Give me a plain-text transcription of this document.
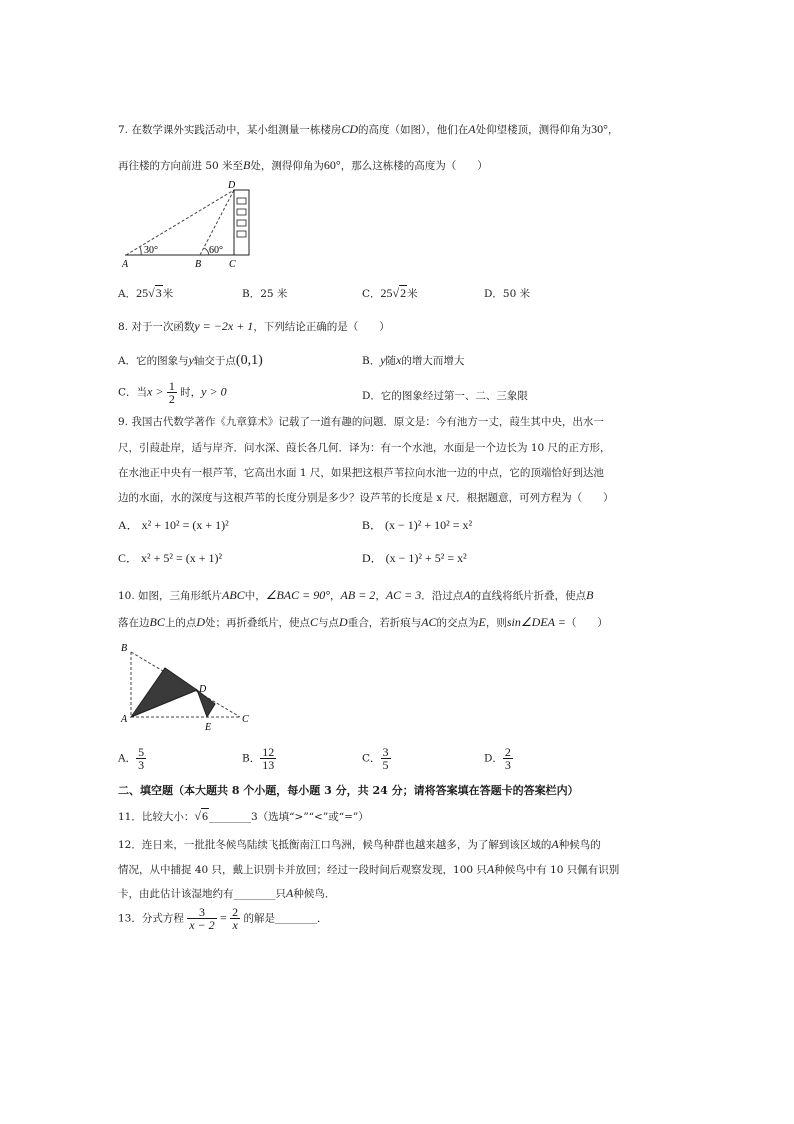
7. 在数学课外实践活动中，某小组测量一栋楼房CD的高度（如图），他们在A处仰望楼顶，测得仰角为30°，
再往楼的方向前进 50 米至B处，测得仰角为60°，那么这栋楼的高度为（　　）
D
A	B	C
30°	60°
A．25√3米	B．25 米	C．25√2米	D．50 米
8. 对于一次函数y = −2x + 1，下列结论正确的是（　　）
A．它的图象与y轴交于点(0,1)	B．y随x的增大而增大
C．当$x > \frac{1}{2}$ 时，y > 0	D．它的图象经过第一、二、三象限
9. 我国古代数学著作《九章算术》记载了一道有趣的问题．原文是：今有池方一丈，葭生其中央，出水一
尺，引葭赴岸，适与岸齐．问水深、葭长各几何．译为：有一个水池，水面是一个边长为 10 尺的正方形，
在水池正中央有一根芦苇，它高出水面 1 尺，如果把这根芦苇拉向水池一边的中点，它的顶端恰好到达池
边的水面，水的深度与这根芦苇的长度分别是多少？设芦苇的长度是 x 尺．根据题意，可列方程为（　　）
A． x² + 10² = (x + 1)²	B． (x − 1)² + 10² = x²
C． x² + 5² = (x + 1)²	D． (x − 1)² + 5² = x²
10. 如图，三角形纸片ABC中，∠BAC = 90°，AB = 2，AC = 3．沿过点A的直线将纸片折叠，使点B
落在边BC上的点D处；再折叠纸片，使点C与点D重合，若折痕与AC的交点为E，则sin∠DEA =（　　）
B
D
A
E
C
A． $\frac{5}{3}$	B． $\frac{12}{13}$	C． $\frac{3}{5}$	D． $\frac{2}{3}$
二、填空题（本大题共 8 个小题，每小题 3 分，共 24 分；请将答案填在答题卡的答案栏内）
11．比较大小：√6________3（选填“>”“<”或“=”）
12．连日来，一批批冬候鸟陆续飞抵衡南江口鸟洲，候鸟种群也越来越多，为了解到该区域的A种候鸟的
情况，从中捕捉 40 只，戴上识别卡并放回；经过一段时间后观察发现，100 只A种候鸟中有 10 只佩有识别
卡，由此估计该湿地约有________只A种候鸟．
13．分式方程 $\frac{3}{x - 2} = \frac{2}{x}$ 的解是________．
